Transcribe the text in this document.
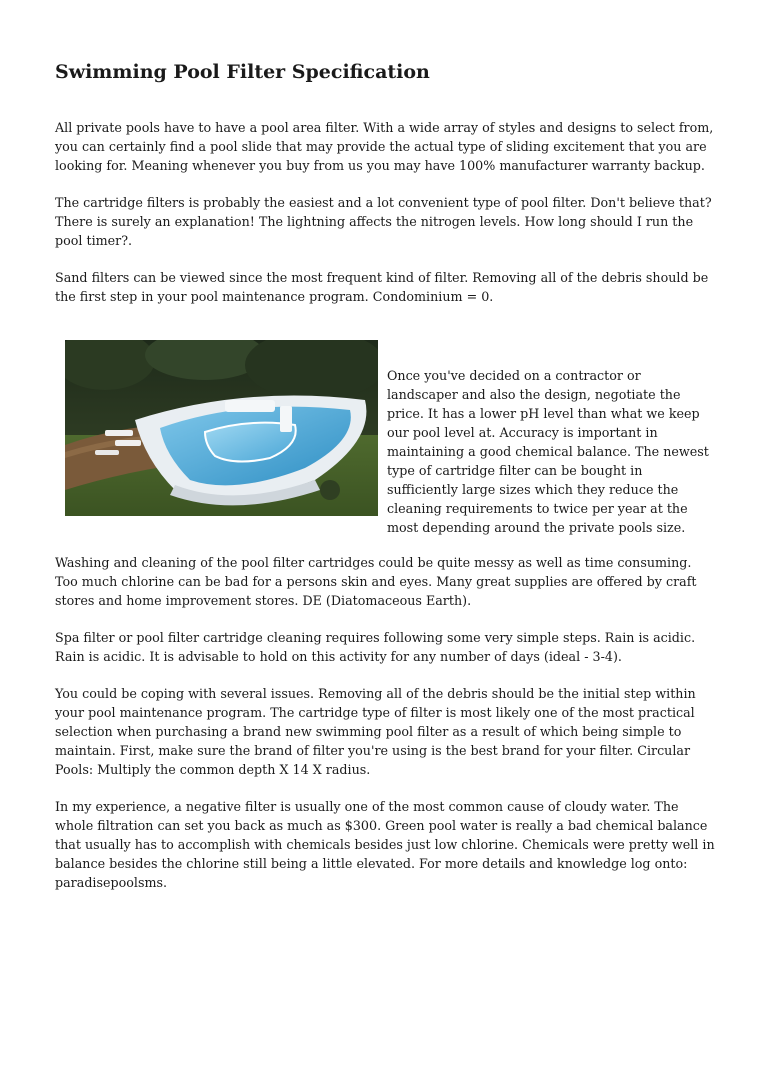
Swimming Pool Filter Specification

All private pools have to have a pool area filter. With a wide array of styles and designs to select from, you can certainly find a pool slide that may provide the actual type of sliding excitement that you are looking for. Meaning whenever you buy from us you may have 100% manufacturer warranty backup.

The cartridge filters is probably the easiest and a lot convenient type of pool filter. Don't believe that? There is surely an explanation! The lightning affects the nitrogen levels. How long should I run the pool timer?.

Sand filters can be viewed since the most frequent kind of filter. Removing all of the debris should be the first step in your pool maintenance program. Condominium = 0.

Once you've decided on a contractor or landscaper and also the design, negotiate the price. It has a lower pH level than what we keep our pool level at. Accuracy is important in maintaining a good chemical balance. The newest type of cartridge filter can be bought in sufficiently large sizes which they reduce the cleaning requirements to twice per year at the most depending around the private pools size.

Washing and cleaning of the pool filter cartridges could be quite messy as well as time consuming. Too much chlorine can be bad for a persons skin and eyes. Many great supplies are offered by craft stores and home improvement stores. DE (Diatomaceous Earth).

Spa filter or pool filter cartridge cleaning requires following some very simple steps. Rain is acidic. Rain is acidic. It is advisable to hold on this activity for any number of days (ideal - 3-4).

You could be coping with several issues. Removing all of the debris should be the initial step within your pool maintenance program. The cartridge type of filter is most likely one of the most practical selection when purchasing a brand new swimming pool filter as a result of which being simple to maintain. First, make sure the brand of filter you're using is the best brand for your filter. Circular Pools: Multiply the common depth X 14 X radius.

In my experience, a negative filter is usually one of the most common cause of cloudy water. The whole filtration can set you back as much as $300. Green pool water is really a bad chemical balance that usually has to accomplish with chemicals besides just low chlorine. Chemicals were pretty well in balance besides the chlorine still being a little elevated. For more details and knowledge log onto: paradisepoolsms.
